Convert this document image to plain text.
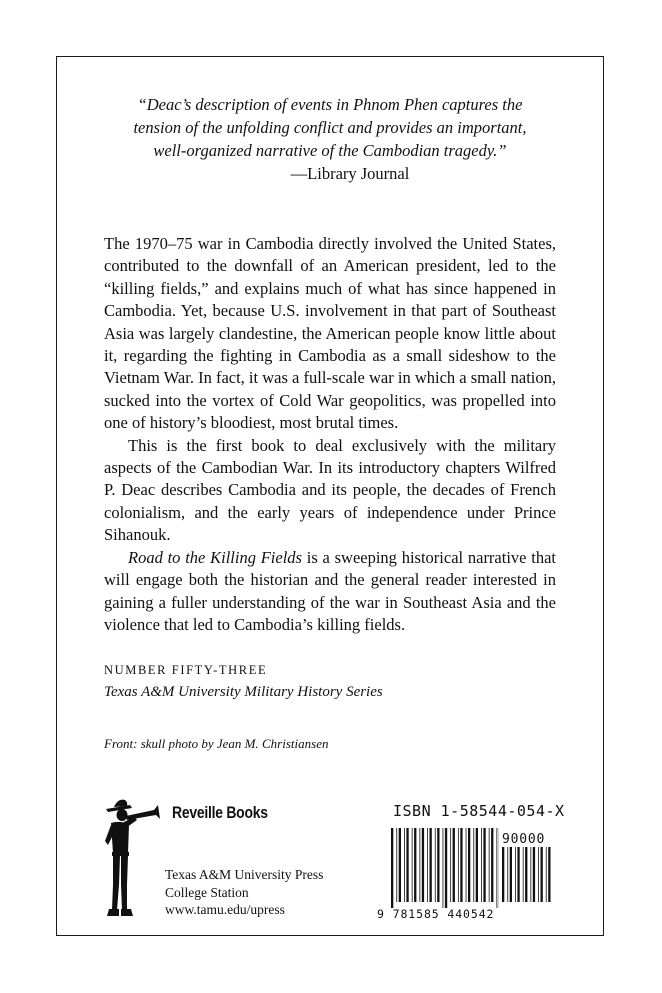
“Deac’s description of events in Phnom Phen captures the
tension of the unfolding conflict and provides an important,
well-organized narrative of the Cambodian tragedy.”

—Library Journal

The 1970–75 war in Cambodia directly involved the United States, contributed to the downfall of an American president, led to the “killing fields,” and explains much of what has since happened in Cambodia. Yet, because U.S. involvement in that part of Southeast Asia was largely clandestine, the American people know little about it, regarding the fighting in Cambodia as a small sideshow to the Vietnam War. In fact, it was a full-scale war in which a small nation, sucked into the vortex of Cold War geopolitics, was propelled into one of history’s bloodiest, most brutal times.

This is the first book to deal exclusively with the military aspects of the Cambodian War. In its introductory chapters Wilfred P. Deac describes Cambodia and its people, the decades of French colonialism, and the early years of independence under Prince Sihanouk.

Road to the Killing Fields is a sweeping historical narrative that will engage both the historian and the general reader interested in gaining a fuller understanding of the war in Southeast Asia and the violence that led to Cambodia’s killing fields.

NUMBER FIFTY-THREE
Texas A&M University Military History Series
Front: skull photo by Jean M. Christiansen
Reveille Books
Texas A&M University Press
College Station
www.tamu.edu/upress
ISBN 1-58544-054-X
90000
9 781585 440542
